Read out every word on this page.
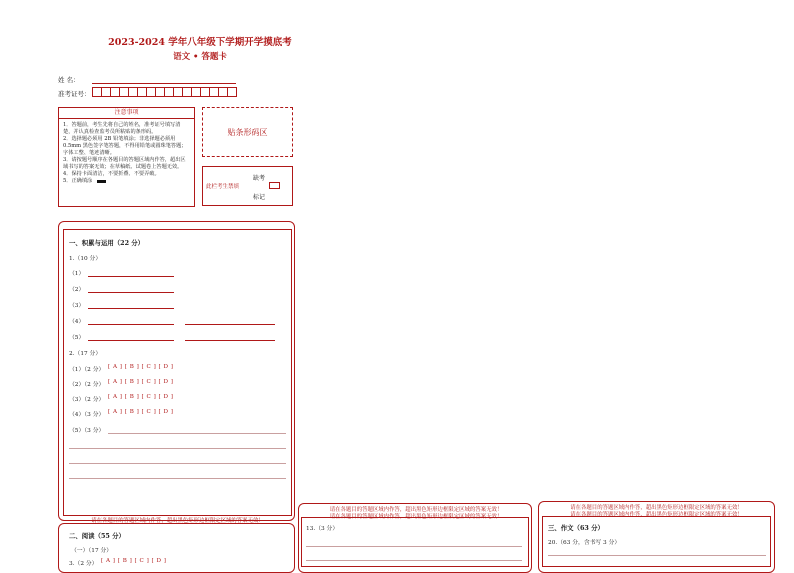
2023-2024 学年八年级下学期开学摸底考
语文 • 答题卡
姓 名：
准考证号：
注意事项
1．答题前，考生先将自己的姓名，准考证号填写清楚，并认真检查监考员所粘贴的条形码。
2．选择题必须用 2B 铅笔填涂；非选择题必须用 0.5mm 黑色签字笔答题，不得用铅笔或圆珠笔答题；字体工整、笔迹清晰。
3．请按题号顺序在各题目的答题区域内作答，超出区域书写的答案无效；在草稿纸、试题卷上答题无效。
4．保持卡面清洁，不要折叠、不要弄破。
5．正确填涂
贴条形码区
此栏考生禁填
缺考
标记
一、积累与运用（22 分）
1.（10 分）
（1）
（2）
（3）
（4）
（5）
2.（17 分）
（1）（2 分） [ A ] [ B ] [ C ] [ D ]
（2）（2 分） [ A ] [ B ] [ C ] [ D ]
（3）（2 分） [ A ] [ B ] [ C ] [ D ]
（4）（3 分） [ A ] [ B ] [ C ] [ D ]
（5）（3 分）
请在各题目的答题区域内作答，超出黑色矩形边框限定区域的答案无效！
二、阅读（55 分）
（一）（17 分）
3.（2 分） [ A ] [ B ] [ C ] [ D ]
请在各题目的答题区域内作答，超出黑色矩形边框限定区域的答案无效！
请在各题目的答题区域内作答，超出黑色矩形边框限定区域的答案无效！
13.（3 分）
请在各题目的答题区域内作答，超出黑色矩形边框限定区域的答案无效！
请在各题目的答题区域内作答，超出黑色矩形边框限定区域的答案无效！
三、作文（63 分）
20.（63 分，含书写 3 分）
